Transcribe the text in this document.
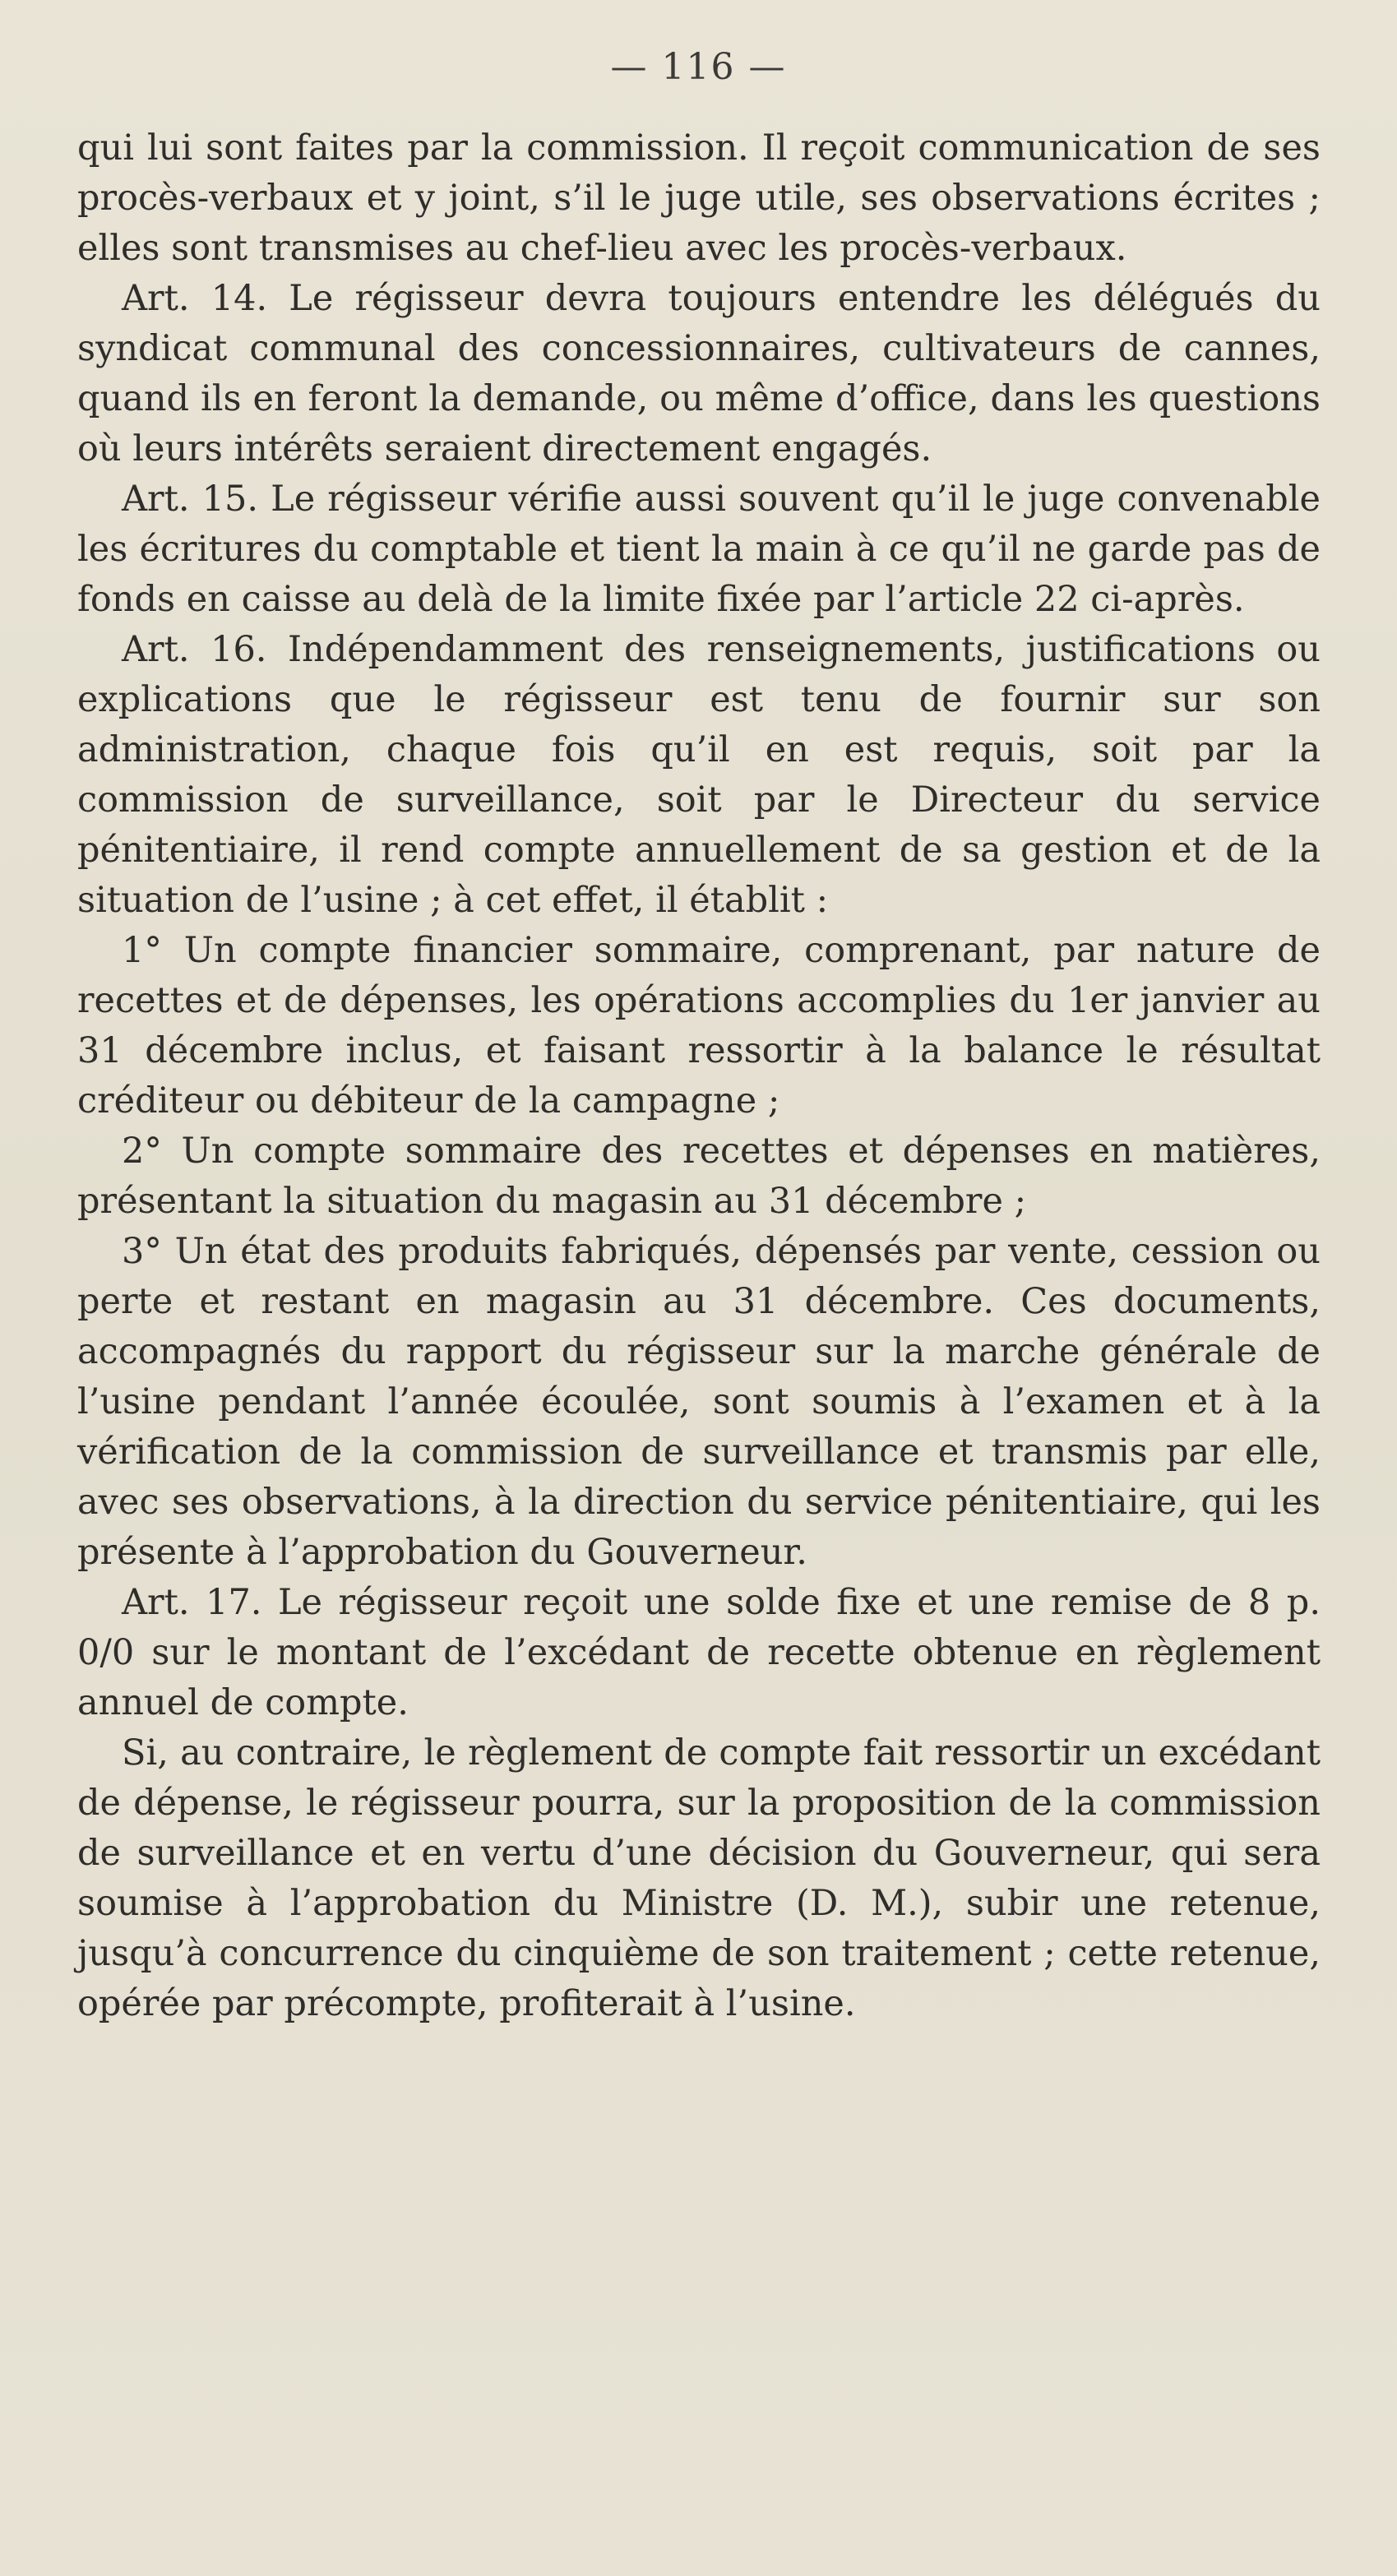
— 116 —

qui lui sont faites par la commission. Il reçoit communication de ses procès-verbaux et y joint, s’il le juge utile, ses observations écrites ; elles sont transmises au chef-lieu avec les procès-verbaux.

Art. 14. Le régisseur devra toujours entendre les délégués du syndicat communal des concessionnaires, cultivateurs de cannes, quand ils en feront la demande, ou même d’office, dans les questions où leurs intérêts seraient directement engagés.

Art. 15. Le régisseur vérifie aussi souvent qu’il le juge convenable les écritures du comptable et tient la main à ce qu’il ne garde pas de fonds en caisse au delà de la limite fixée par l’article 22 ci-après.

Art. 16. Indépendamment des renseignements, justifications ou explications que le régisseur est tenu de fournir sur son administration, chaque fois qu’il en est requis, soit par la commission de surveillance, soit par le Directeur du service pénitentiaire, il rend compte annuellement de sa gestion et de la situation de l’usine ; à cet effet, il établit :

1° Un compte financier sommaire, comprenant, par nature de recettes et de dépenses, les opérations accomplies du 1er janvier au 31 décembre inclus, et faisant ressortir à la balance le résultat créditeur ou débiteur de la campagne ;

2° Un compte sommaire des recettes et dépenses en matières, présentant la situation du magasin au 31 décembre ;

3° Un état des produits fabriqués, dépensés par vente, cession ou perte et restant en magasin au 31 décembre. Ces documents, accompagnés du rapport du régisseur sur la marche générale de l’usine pendant l’année écoulée, sont soumis à l’examen et à la vérification de la commission de surveillance et transmis par elle, avec ses observations, à la direction du service pénitentiaire, qui les présente à l’approbation du Gouverneur.

Art. 17. Le régisseur reçoit une solde fixe et une remise de 8 p. 0/0 sur le montant de l’excédant de recette obtenue en règlement annuel de compte.

Si, au contraire, le règlement de compte fait ressortir un excédant de dépense, le régisseur pourra, sur la proposition de la commission de surveillance et en vertu d’une décision du Gouverneur, qui sera soumise à l’approbation du Ministre (D. M.), subir une retenue, jusqu’à concurrence du cinquième de son traitement ; cette retenue, opérée par précompte, profiterait à l’usine.
